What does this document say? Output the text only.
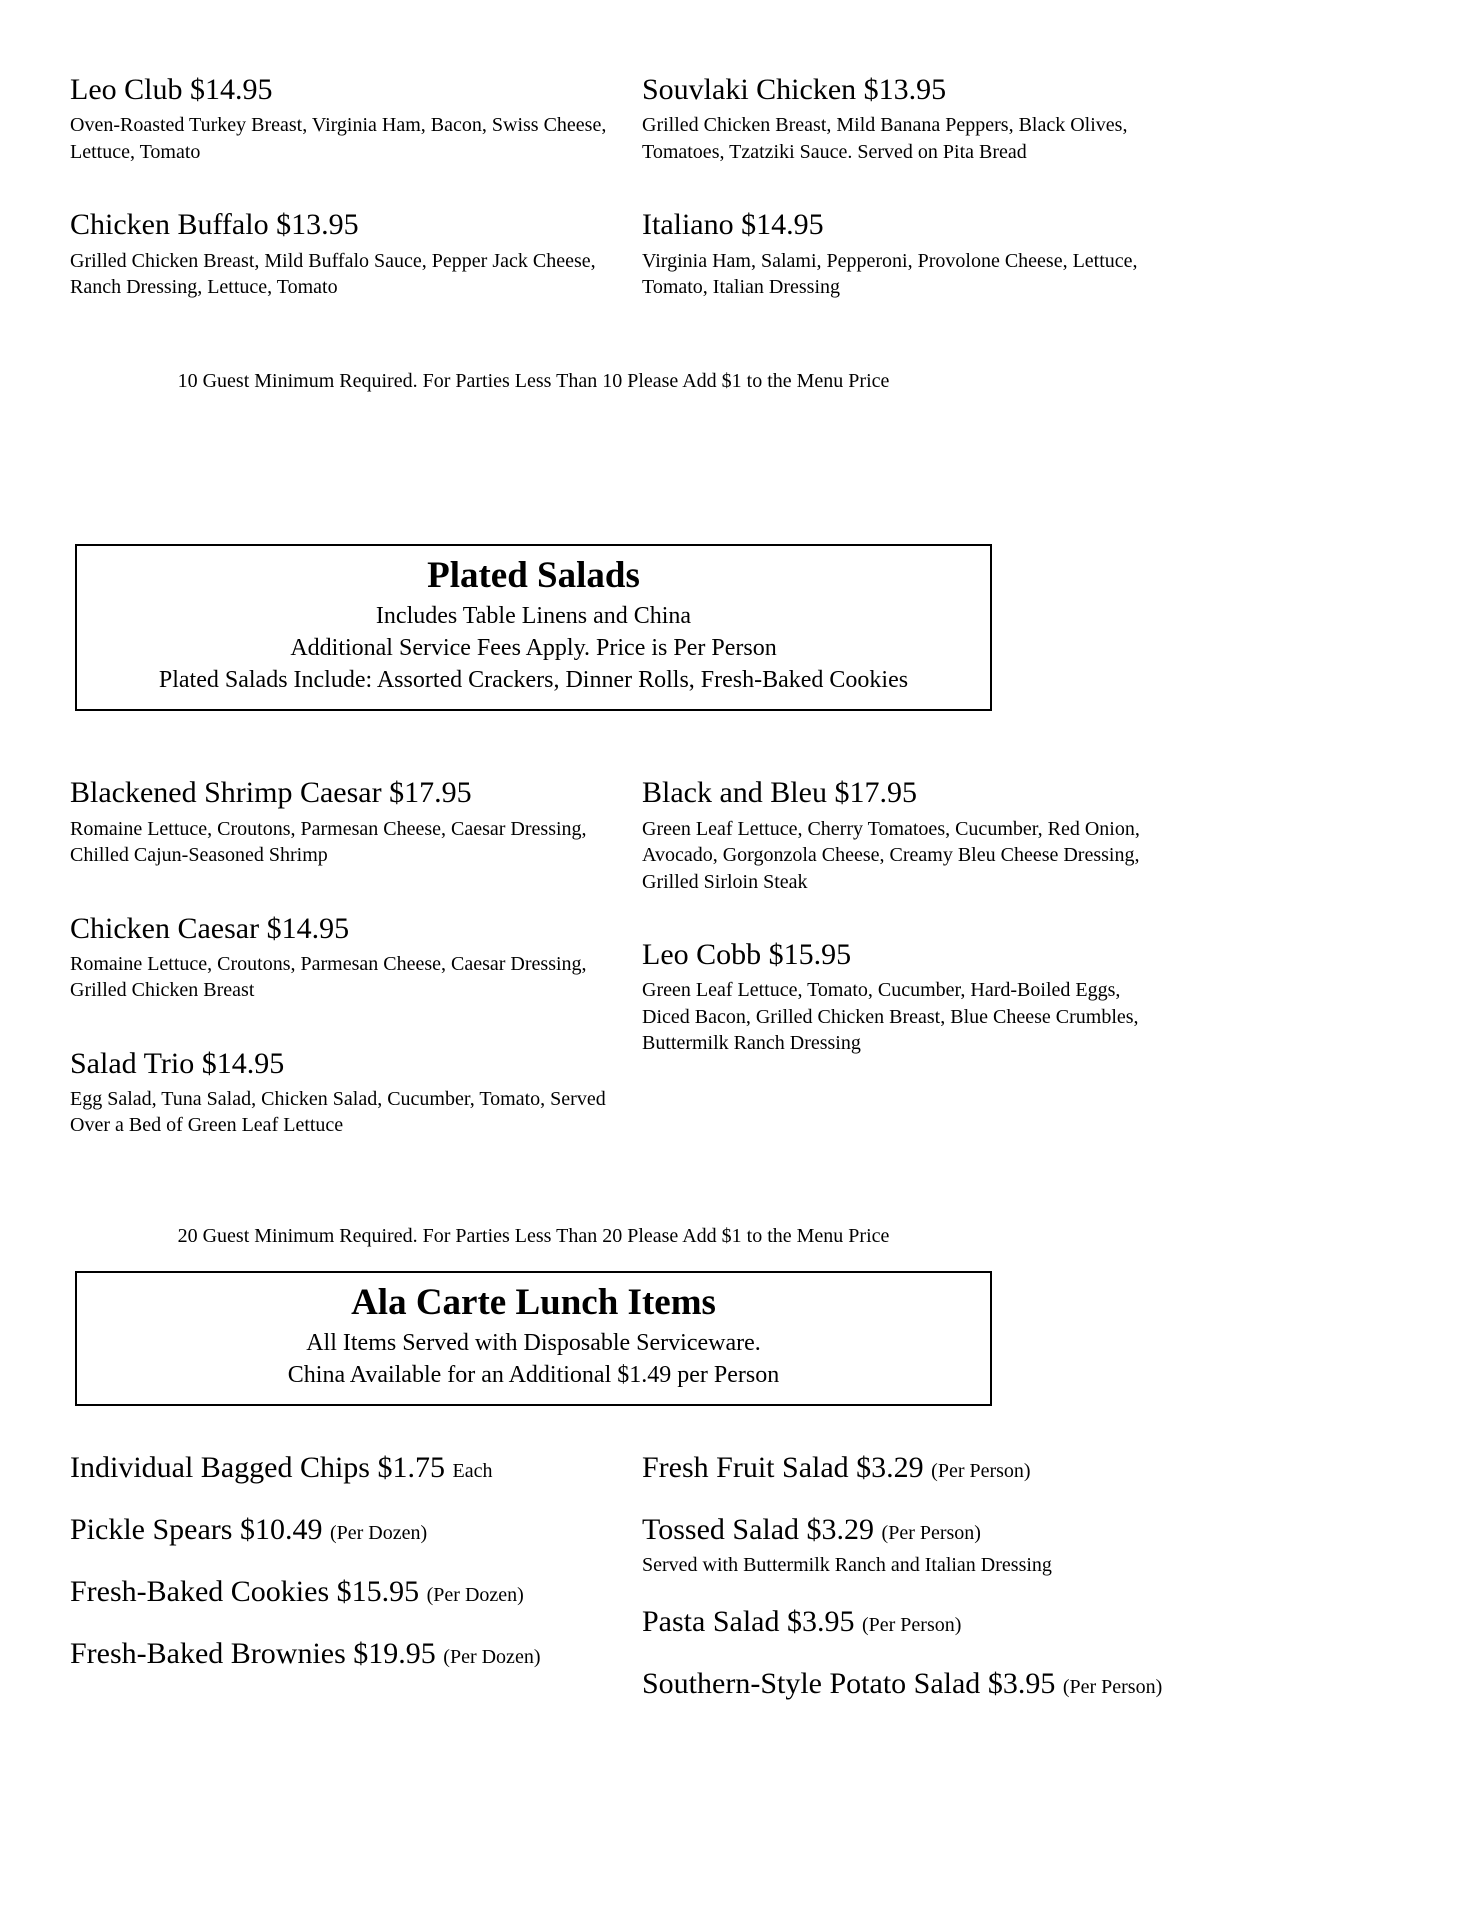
Leo Club $14.95

Oven-Roasted Turkey Breast, Virginia Ham, Bacon, Swiss Cheese, Lettuce, Tomato

Chicken Buffalo $13.95

Grilled Chicken Breast, Mild Buffalo Sauce, Pepper Jack Cheese, Ranch Dressing, Lettuce, Tomato

Souvlaki Chicken $13.95

Grilled Chicken Breast, Mild Banana Peppers, Black Olives, Tomatoes, Tzatziki Sauce. Served on Pita Bread

Italiano $14.95

Virginia Ham, Salami, Pepperoni, Provolone Cheese, Lettuce, Tomato, Italian Dressing

10 Guest Minimum Required. For Parties Less Than 10 Please Add $1 to the Menu Price

Plated Salads

Includes Table Linens and China

Additional Service Fees Apply. Price is Per Person

Plated Salads Include: Assorted Crackers, Dinner Rolls, Fresh-Baked Cookies

Blackened Shrimp Caesar $17.95

Romaine Lettuce, Croutons, Parmesan Cheese, Caesar Dressing, Chilled Cajun-Seasoned Shrimp

Chicken Caesar $14.95

Romaine Lettuce, Croutons, Parmesan Cheese, Caesar Dressing, Grilled Chicken Breast

Salad Trio $14.95

Egg Salad, Tuna Salad, Chicken Salad, Cucumber, Tomato, Served Over a Bed of Green Leaf Lettuce

Black and Bleu $17.95

Green Leaf Lettuce, Cherry Tomatoes, Cucumber, Red Onion, Avocado, Gorgonzola Cheese, Creamy Bleu Cheese Dressing, Grilled Sirloin Steak

Leo Cobb $15.95

Green Leaf Lettuce, Tomato, Cucumber, Hard-Boiled Eggs, Diced Bacon, Grilled Chicken Breast, Blue Cheese Crumbles, Buttermilk Ranch Dressing

20 Guest Minimum Required. For Parties Less Than 20 Please Add $1 to the Menu Price

Ala Carte Lunch Items

All Items Served with Disposable Serviceware.

China Available for an Additional $1.49 per Person

Individual Bagged Chips $1.75 Each
Pickle Spears $10.49 (Per Dozen)
Fresh-Baked Cookies $15.95 (Per Dozen)
Fresh-Baked Brownies $19.95 (Per Dozen)
Fresh Fruit Salad $3.29 (Per Person)
Tossed Salad $3.29 (Per Person)

Served with Buttermilk Ranch and Italian Dressing

Pasta Salad $3.95 (Per Person)
Southern-Style Potato Salad $3.95 (Per Person)
